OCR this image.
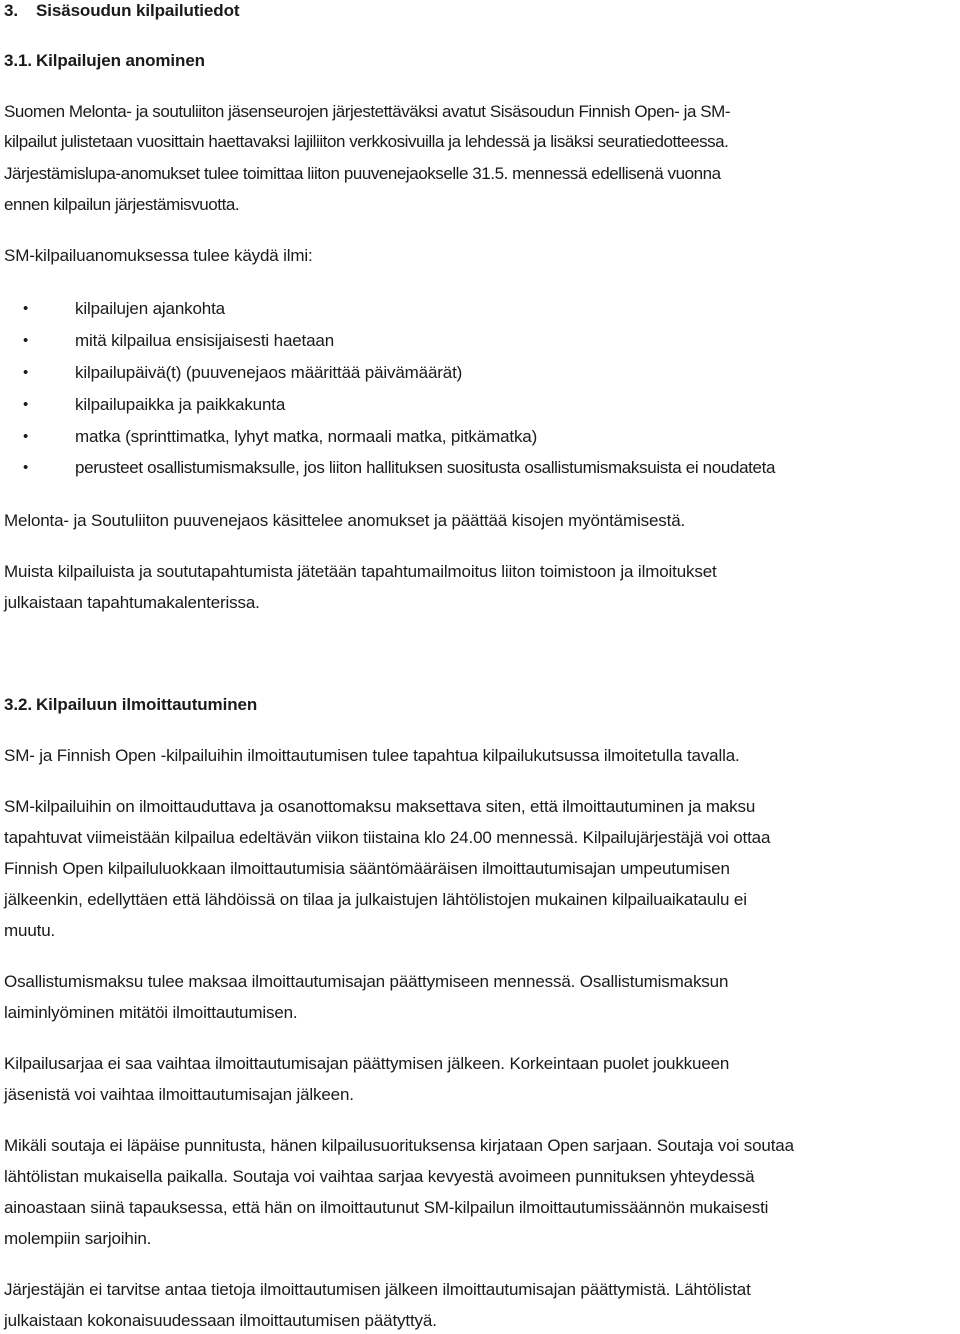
3. Sisäsoudun kilpailutiedot
3.1. Kilpailujen anominen
Suomen Melonta- ja soutuliiton jäsenseurojen järjestettäväksi avatut Sisäsoudun Finnish Open- ja SM-
kilpailut julistetaan vuosittain haettavaksi lajiliiton verkkosivuilla ja lehdessä ja lisäksi seuratiedotteessa.
Järjestämislupa-anomukset tulee toimittaa liiton puuvenejaokselle 31.5. mennessä edellisenä vuonna
ennen kilpailun järjestämisvuotta.
SM-kilpailuanomuksessa tulee käydä ilmi:
•	kilpailujen ajankohta
•	mitä kilpailua ensisijaisesti haetaan
•	kilpailupäivä(t) (puuvenejaos määrittää päivämäärät)
•	kilpailupaikka ja paikkakunta
•	matka (sprinttimatka, lyhyt matka, normaali matka, pitkämatka)
•	perusteet osallistumismaksulle, jos liiton hallituksen suositusta osallistumismaksuista ei noudateta
Melonta- ja Soutuliiton puuvenejaos käsittelee anomukset ja päättää kisojen myöntämisestä.
Muista kilpailuista ja soututapahtumista jätetään tapahtumailmoitus liiton toimistoon ja ilmoitukset
julkaistaan tapahtumakalenterissa.
3.2. Kilpailuun ilmoittautuminen
SM- ja Finnish Open -kilpailuihin ilmoittautumisen tulee tapahtua kilpailukutsussa ilmoitetulla tavalla.
SM-kilpailuihin on ilmoittauduttava ja osanottomaksu maksettava siten, että ilmoittautuminen ja maksu
tapahtuvat viimeistään kilpailua edeltävän viikon tiistaina klo 24.00 mennessä. Kilpailujärjestäjä voi ottaa
Finnish Open kilpailuluokkaan ilmoittautumisia sääntömääräisen ilmoittautumisajan umpeutumisen
jälkeenkin, edellyttäen että lähdöissä on tilaa ja julkaistujen lähtölistojen mukainen kilpailuaikataulu ei
muutu.
Osallistumismaksu tulee maksaa ilmoittautumisajan päättymiseen mennessä. Osallistumismaksun
laiminlyöminen mitätöi ilmoittautumisen.
Kilpailusarjaa ei saa vaihtaa ilmoittautumisajan päättymisen jälkeen. Korkeintaan puolet joukkueen
jäsenistä voi vaihtaa ilmoittautumisajan jälkeen.
Mikäli soutaja ei läpäise punnitusta, hänen kilpailusuorituksensa kirjataan Open sarjaan. Soutaja voi soutaa
lähtölistan mukaisella paikalla. Soutaja voi vaihtaa sarjaa kevyestä avoimeen punnituksen yhteydessä
ainoastaan siinä tapauksessa, että hän on ilmoittautunut SM-kilpailun ilmoittautumissäännön mukaisesti
molempiin sarjoihin.
Järjestäjän ei tarvitse antaa tietoja ilmoittautumisen jälkeen ilmoittautumisajan päättymistä. Lähtölistat
julkaistaan kokonaisuudessaan ilmoittautumisen päätyttyä.
